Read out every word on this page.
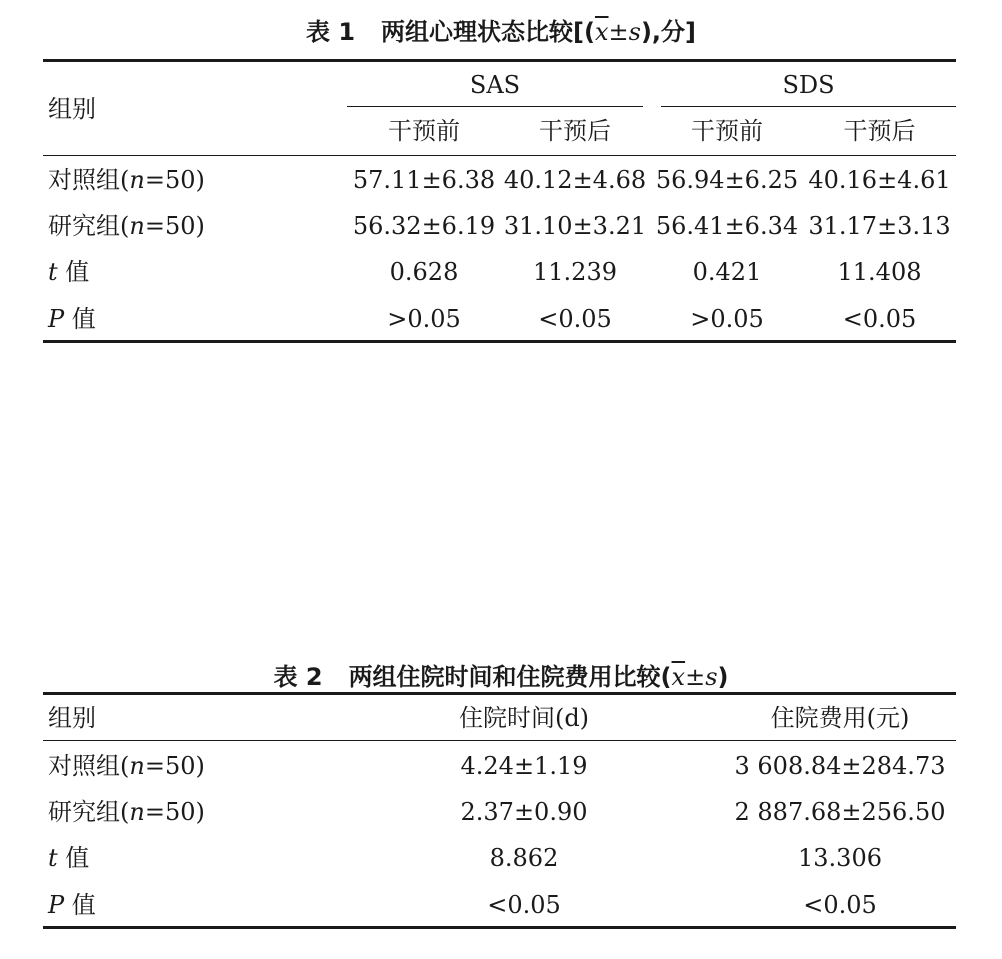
表 1 两组心理状态比较[$(\overline{x}\pm s)$,分]
组别
SAS	SDS
干预前	干预后	干预前	干预后
对照组(n=50)	57.11±6.38 40.12±4.68 56.94±6.25 40.16±4.61
研究组(n=50)	56.32±6.19 31.10±3.21 56.41±6.34 31.17±3.13
t 值	0.628	11.239	0.421	11.408
P 值	>0.05	<0.05	>0.05	<0.05
表 2 两组住院时间和住院费用比较$(\overline{x}\pm s)$
组别	住院时间(d)	住院费用(元)
对照组(n=50)	4.24±1.19	3 608.84±284.73
研究组(n=50)	2.37±0.90	2 887.68±256.50
t 值	8.862	13.306
P 值	<0.05	<0.05
